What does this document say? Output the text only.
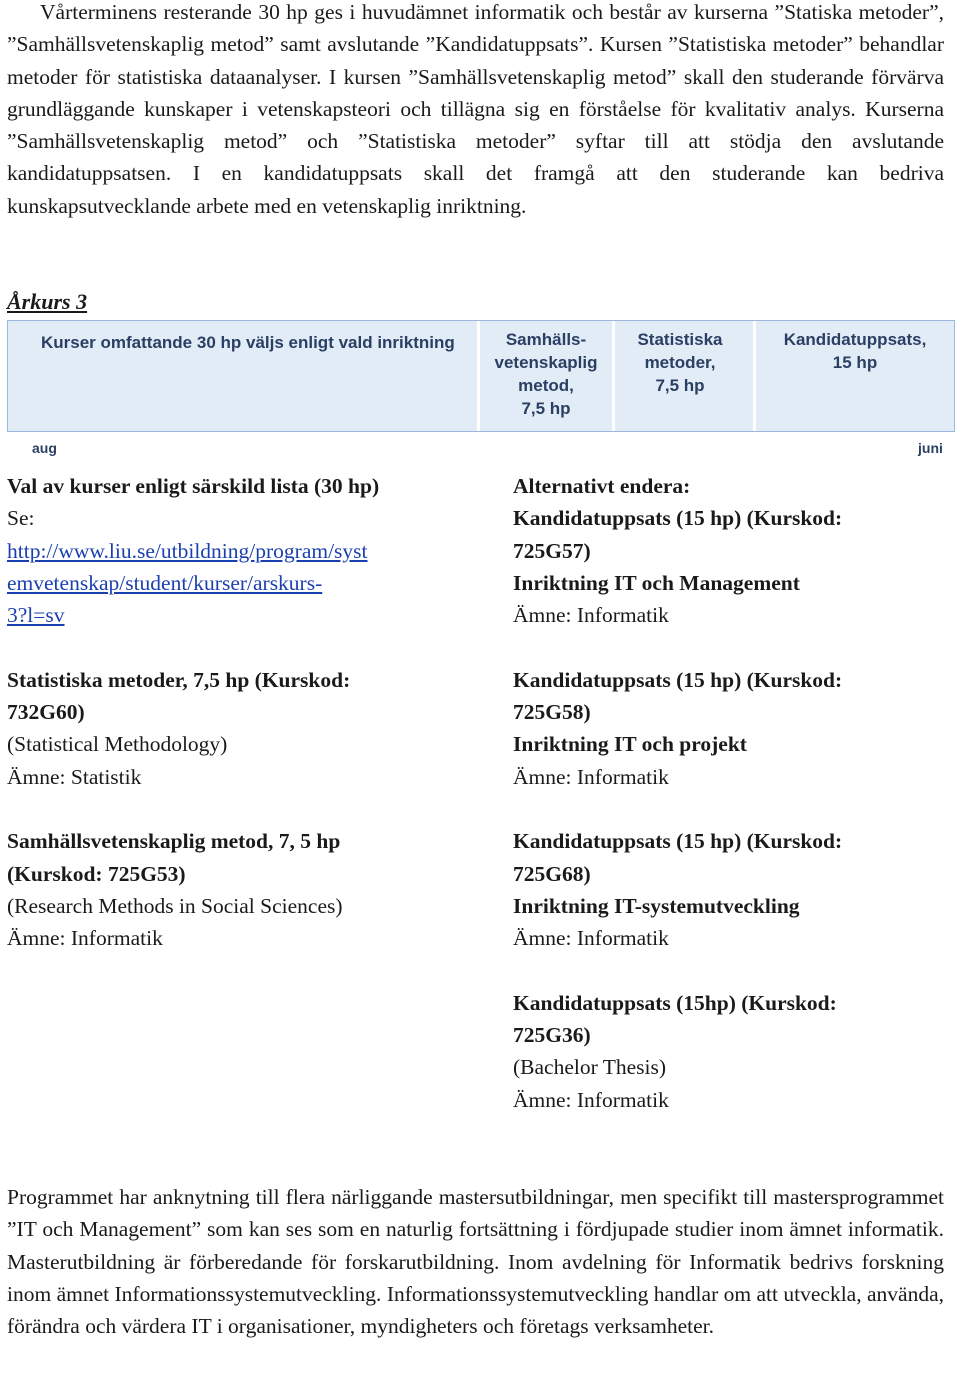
Vårterminens resterande 30 hp ges i huvudämnet informatik och består av kurserna ”Statiska metoder”, ”Samhällsvetenskaplig metod” samt avslutande ”Kandidatuppsats”. Kursen ”Statistiska metoder” behandlar metoder för statistiska dataanalyser. I kursen ”Samhällsvetenskaplig metod” skall den studerande förvärva grundläggande kunskaper i vetenskapsteori och tillägna sig en förståelse för kvalitativ analys. Kurserna ”Samhällsvetenskaplig metod” och ”Statistiska metoder” syftar till att stödja den avslutande kandidatuppsatsen. I en kandidatuppsats skall det framgå att den studerande kan bedriva kunskapsutvecklande arbete med en vetenskaplig inriktning.

Årkurs 3
Kurser omfattande 30 hp väljs enligt vald inriktning	Samhälls-
vetenskaplig
metod,
7,5 hp
Statistiska
metoder,
7,5 hp
Kandidatuppsats,
15 hp
aug	juni
Val av kurser enligt särskild lista (30 hp)
Se:
http://www.liu.se/utbildning/program/syst
emvetenskap/student/kurser/arskurs-
3?l=sv
Statistiska metoder, 7,5 hp (Kurskod:
732G60)
(Statistical Methodology)
Ämne: Statistik
Samhällsvetenskaplig metod, 7, 5 hp
(Kurskod: 725G53)
(Research Methods in Social Sciences)
Ämne: Informatik
Alternativt endera:
Kandidatuppsats (15 hp) (Kurskod:
725G57)
Inriktning IT och Management
Ämne: Informatik
Kandidatuppsats (15 hp) (Kurskod:
725G58)
Inriktning IT och projekt
Ämne: Informatik
Kandidatuppsats (15 hp) (Kurskod:
725G68)
Inriktning IT-systemutveckling
Ämne: Informatik
Kandidatuppsats (15hp) (Kurskod:
725G36)
(Bachelor Thesis)
Ämne: Informatik

Programmet har anknytning till flera närliggande mastersutbildningar, men specifikt till mastersprogrammet ”IT och Management” som kan ses som en naturlig fortsättning i fördjupade studier inom ämnet informatik. Masterutbildning är förberedande för forskarutbildning. Inom avdelning för Informatik bedrivs forskning inom ämnet Informationssystemutveckling. Informationssystemutveckling handlar om att utveckla, använda, förändra och värdera IT i organisationer, myndigheters och företags verksamheter.
